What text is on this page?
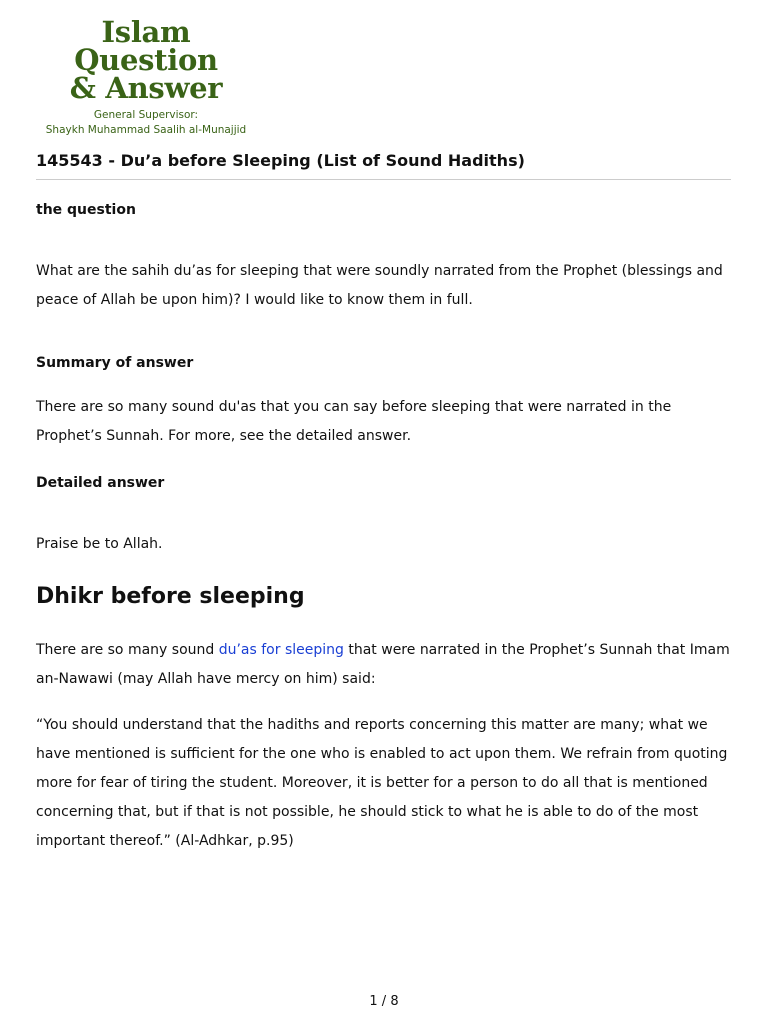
Islam Question
& Answer
General Supervisor:
Shaykh Muhammad Saalih al-Munajjid
145543 - Du’a before Sleeping (List of Sound Hadiths)

the question

What are the sahih du’as for sleeping that were soundly narrated from the Prophet (blessings and peace of Allah be upon him)? I would like to know them in full.

Summary of answer

There are so many sound du'as that you can say before sleeping that were narrated in the Prophet’s Sunnah. For more, see the detailed answer.

Detailed answer

Praise be to Allah.

Dhikr before sleeping

There are so many sound du’as for sleeping that were narrated in the Prophet’s Sunnah that Imam an-Nawawi (may Allah have mercy on him) said:

“You should understand that the hadiths and reports concerning this matter are many; what we have mentioned is sufficient for the one who is enabled to act upon them. We refrain from quoting more for fear of tiring the student. Moreover, it is better for a person to do all that is mentioned concerning that, but if that is not possible, he should stick to what he is able to do of the most important thereof.” (Al-Adhkar, p.95)

1 / 8
